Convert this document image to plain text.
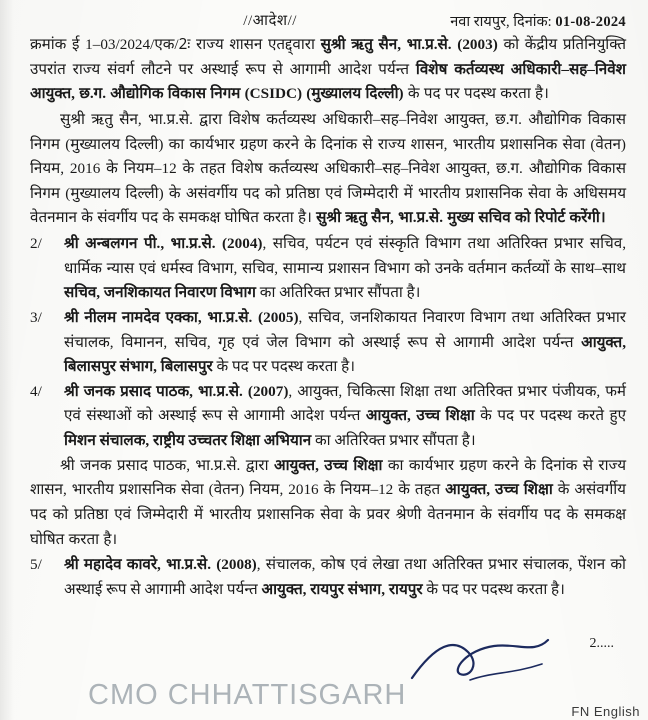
//आदेश//	नवा रायपुर, दिनांक: 01-08-2024

क्रमांक ई 1–03/2024/एक/2ः राज्य शासन एतद्द्वारा सुश्री ऋतु सैन, भा.प्र.से. (2003) को केंद्रीय प्रतिनियुक्ति उपरांत राज्य संवर्ग लौटने पर अस्थाई रूप से आगामी आदेश पर्यन्त विशेष कर्तव्यस्थ अधिकारी–सह–निवेश आयुक्त, छ.ग. औद्योगिक विकास निगम (CSIDC) (मुख्यालय दिल्ली) के पद पर पदस्थ करता है।

सुश्री ऋतु सैन, भा.प्र.से. द्वारा विशेष कर्तव्यस्थ अधिकारी–सह–निवेश आयुक्त, छ.ग. औद्योगिक विकास निगम (मुख्यालय दिल्ली) का कार्यभार ग्रहण करने के दिनांक से राज्य शासन, भारतीय प्रशासनिक सेवा (वेतन) नियम, 2016 के नियम–12 के तहत विशेष कर्तव्यस्थ अधिकारी–सह–निवेश आयुक्त, छ.ग. औद्योगिक विकास निगम (मुख्यालय दिल्ली) के असंवर्गीय पद को प्रतिष्ठा एवं जिम्मेदारी में भारतीय प्रशासनिक सेवा के अधिसमय वेतनमान के संवर्गीय पद के समकक्ष घोषित करता है। सुश्री ऋतु सैन, भा.प्र.से. मुख्य सचिव को रिपोर्ट करेंगी।

2/	श्री अन्बलगन पी., भा.प्र.से. (2004), सचिव, पर्यटन एवं संस्कृति विभाग तथा अतिरिक्त प्रभार सचिव, धार्मिक न्यास एवं धर्मस्व विभाग, सचिव, सामान्य प्रशासन विभाग को उनके वर्तमान कर्तव्यों के साथ–साथ सचिव, जनशिकायत निवारण विभाग का अतिरिक्त प्रभार सौंपता है।
3/	श्री नीलम नामदेव एक्का, भा.प्र.से. (2005), सचिव, जनशिकायत निवारण विभाग तथा अतिरिक्त प्रभार संचालक, विमानन, सचिव, गृह एवं जेल विभाग को अस्थाई रूप से आगामी आदेश पर्यन्त आयुक्त, बिलासपुर संभाग, बिलासपुर के पद पर पदस्थ करता है।
4/	श्री जनक प्रसाद पाठक, भा.प्र.से. (2007), आयुक्त, चिकित्सा शिक्षा तथा अतिरिक्त प्रभार पंजीयक, फर्म एवं संस्थाओं को अस्थाई रूप से आगामी आदेश पर्यन्त आयुक्त, उच्च शिक्षा के पद पर पदस्थ करते हुए मिशन संचालक, राष्ट्रीय उच्चतर शिक्षा अभियान का अतिरिक्त प्रभार सौंपता है।

श्री जनक प्रसाद पाठक, भा.प्र.से. द्वारा आयुक्त, उच्च शिक्षा का कार्यभार ग्रहण करने के दिनांक से राज्य शासन, भारतीय प्रशासनिक सेवा (वेतन) नियम, 2016 के नियम–12 के तहत आयुक्त, उच्च शिक्षा के असंवर्गीय पद को प्रतिष्ठा एवं जिम्मेदारी में भारतीय प्रशासनिक सेवा के प्रवर श्रेणी वेतनमान के संवर्गीय पद के समकक्ष घोषित करता है।

5/	श्री महादेव कावरे, भा.प्र.से. (2008), संचालक, कोष एवं लेखा तथा अतिरिक्त प्रभार संचालक, पेंशन को अस्थाई रूप से आगामी आदेश पर्यन्त आयुक्त, रायपुर संभाग, रायपुर के पद पर पदस्थ करता है।
CMO CHHATTISGARH
2.....
FN English
